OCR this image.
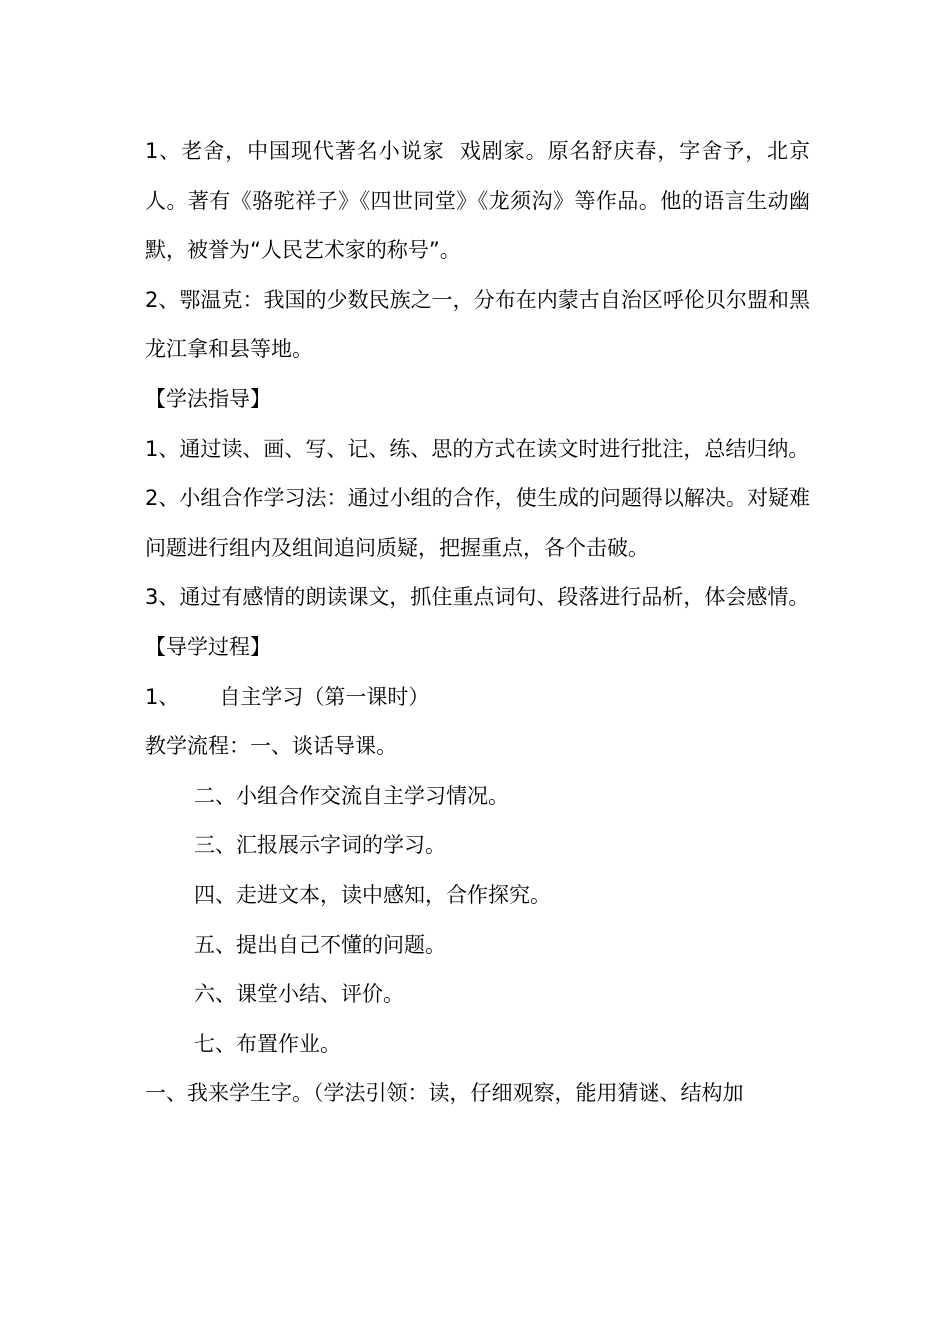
1、老舍，中国现代著名小说家  戏剧家。原名舒庆春，字舍予，北京人。著有《骆驼祥子》《四世同堂》《龙须沟》等作品。他的语言生动幽默，被誉为“人民艺术家的称号”。

2、鄂温克：我国的少数民族之一，分布在内蒙古自治区呼伦贝尔盟和黑龙江拿和县等地。

【学法指导】

1、通过读、画、写、记、练、思的方式在读文时进行批注，总结归纳。

2、小组合作学习法：通过小组的合作，使生成的问题得以解决。对疑难问题进行组内及组间追问质疑，把握重点，各个击破。

3、通过有感情的朗读课文，抓住重点词句、段落进行品析，体会感情。

【导学过程】

1、      自主学习（第一课时）

教学流程：一、谈话导课。

二、小组合作交流自主学习情况。

三、汇报展示字词的学习。

四、走进文本，读中感知，合作探究。

五、提出自己不懂的问题。

六、课堂小结、评价。

七、布置作业。

一、我来学生字。（学法引领：读，仔细观察，能用猜谜、结构加
